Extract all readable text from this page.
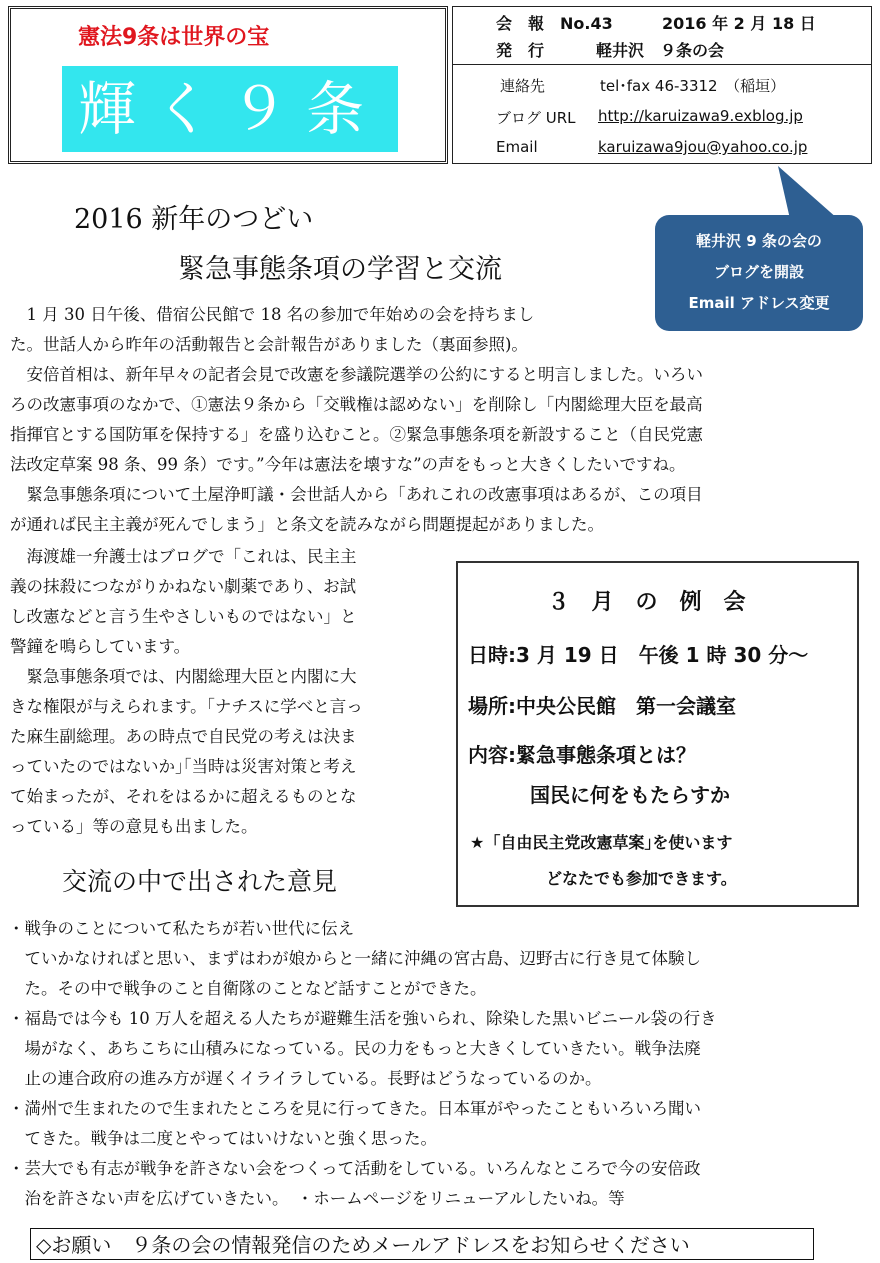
憲法9条は世界の宝
輝く９条
会　報　No.43	2016 年 2 月 18 日
発　行	軽井沢　９条の会
連絡先	tel･fax 46-3312　（稲垣）
ブログ URL http://karuizawa9.exblog.jp
Email	karuizawa9jou@yahoo.co.jp
軽井沢 9 条の会の
ブログを開設
Email アドレス変更
2016 新年のつどい
緊急事態条項の学習と交流
　1 月 30 日午後、借宿公民館で 18 名の参加で年始めの会を持ちまし
た。世話人から昨年の活動報告と会計報告がありました（裏面参照)。
　安倍首相は、新年早々の記者会見で改憲を参議院選挙の公約にすると明言しました。いろい
ろの改憲事項のなかで、①憲法９条から「交戦権は認めない」を削除し「内閣総理大臣を最高
指揮官とする国防軍を保持する」を盛り込むこと。②緊急事態条項を新設すること（自民党憲
法改定草案 98 条、99 条）です。”今年は憲法を壊すな”の声をもっと大きくしたいですね。
　緊急事態条項について土屋浄町議・会世話人から「あれこれの改憲事項はあるが、この項目
が通れば民主主義が死んでしまう」と条文を読みながら問題提起がありました。
　海渡雄一弁護士はブログで「これは、民主主
義の抹殺につながりかねない劇薬であり、お試
し改憲などと言う生やさしいものではない」と
警鐘を鳴らしています。
　緊急事態条項では、内閣総理大臣と内閣に大
きな権限が与えられます。｢ナチスに学べと言っ
た麻生副総理。あの時点で自民党の考えは決ま
っていたのではないか｣｢当時は災害対策と考え
て始まったが、それをはるかに超えるものとな
っている」等の意見も出ました。
交流の中で出された意見
３月の例会
日時:3 月 19 日　午後 1 時 30 分～
場所:中央公民館　第一会議室
内容:緊急事態条項とは？
国民に何をもたらすか
★「自由民主党改憲草案｣を使います
どなたでも参加できます。
・戦争のことについて私たちが若い世代に伝え
　ていかなければと思い、まずはわが娘からと一緒に沖縄の宮古島、辺野古に行き見て体験し
　た。その中で戦争のこと自衛隊のことなど話すことができた。
・福島では今も 10 万人を超える人たちが避難生活を強いられ、除染した黒いビニール袋の行き
　場がなく、あちこちに山積みになっている。民の力をもっと大きくしていきたい。戦争法廃
　止の連合政府の進み方が遅くイライラしている。長野はどうなっているのか。
・満州で生まれたので生まれたところを見に行ってきた。日本軍がやったこともいろいろ聞い
　てきた。戦争は二度とやってはいけないと強く思った。
・芸大でも有志が戦争を許さない会をつくって活動をしている。いろんなところで今の安倍政
　治を許さない声を広げていきたい。　・ホームページをリニューアルしたいね。等
◇お願い　９条の会の情報発信のためメールアドレスをお知らせください
